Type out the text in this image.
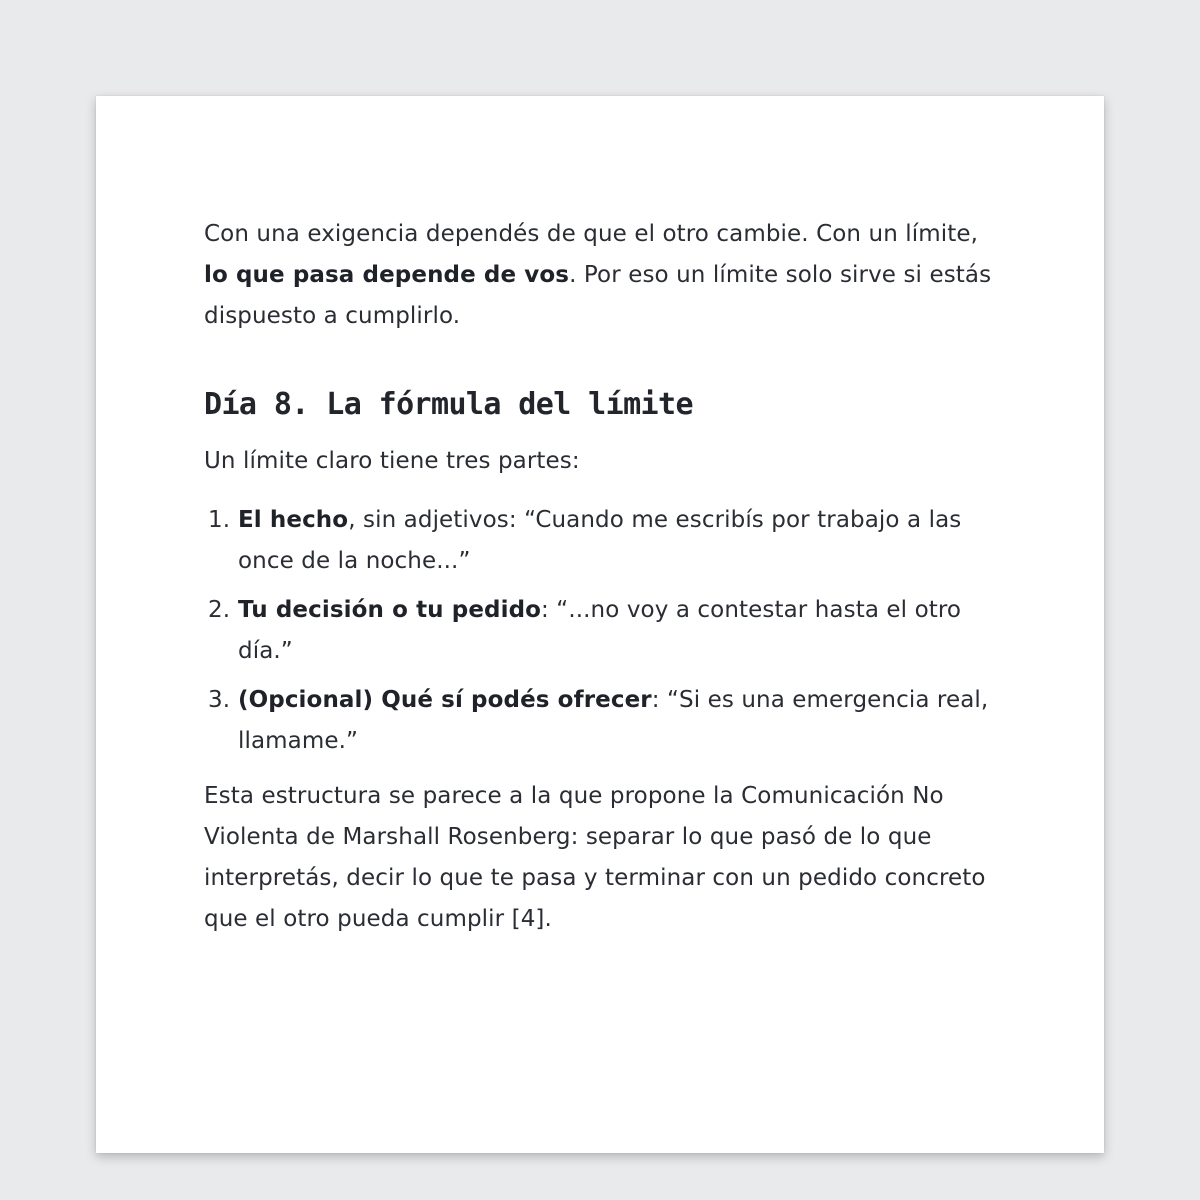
Con una exigencia dependés de que el otro cambie. Con un límite, lo que pasa depende de vos. Por eso un límite solo sirve si estás dispuesto a cumplirlo.

Día 8. La fórmula del límite

Un límite claro tiene tres partes:

1. El hecho, sin adjetivos: “Cuando me escribís por trabajo a las once de la noche...”
2. Tu decisión o tu pedido: “...no voy a contestar hasta el otro día.”
3. (Opcional) Qué sí podés ofrecer: “Si es una emergencia real, llamame.”

Esta estructura se parece a la que propone la Comunicación No Violenta de Marshall Rosenberg: separar lo que pasó de lo que interpretás, decir lo que te pasa y terminar con un pedido concreto que el otro pueda cumplir [4].
